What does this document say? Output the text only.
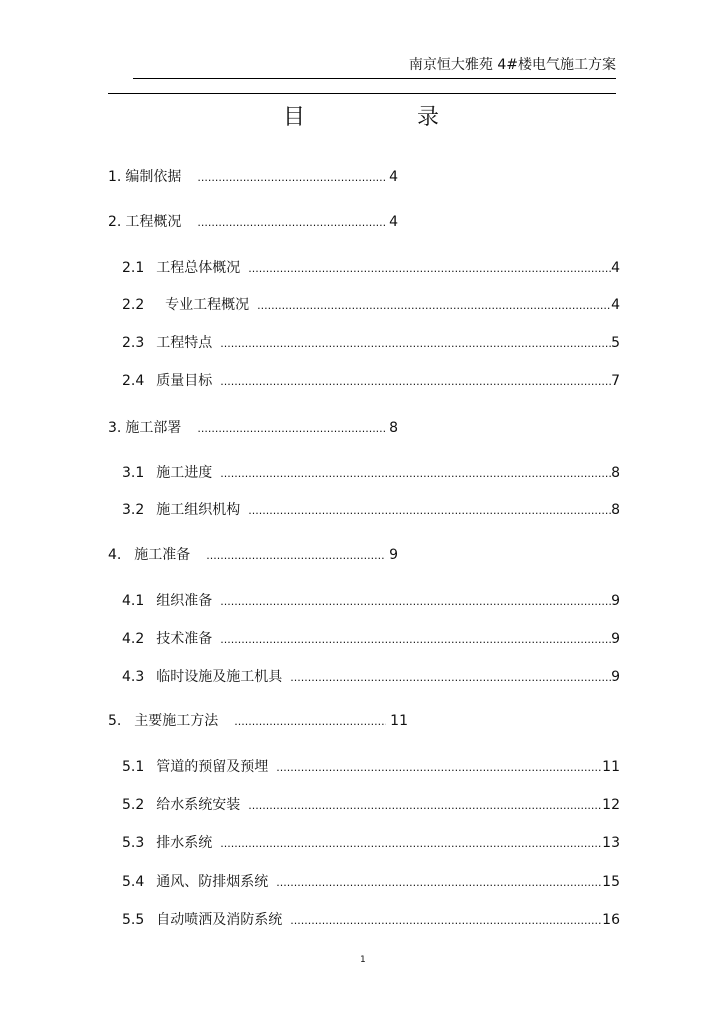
南京恒大雅苑 4#楼电气施工方案
目	录
1. 编制依据 .....	4
2. 工程概况 .....	4
2.1 工程总体概况 .....	4
2.2 专业工程概况 .....	4
2.3 工程特点 .....	5
2.4 质量目标 .....	7
3. 施工部署 .....	8
3.1 施工进度 .....	8
3.2 施工组织机构 .....	8
4. 施工准备 .....	9
4.1 组织准备 .....	9
4.2 技术准备 .....	9
4.3 临时设施及施工机具 .....	9
5. 主要施工方法 .....	11
5.1 管道的预留及预埋 .....	11
5.2 给水系统安装 .....	12
5.3 排水系统 .....	13
5.4 通风、防排烟系统 .....	15
5.5 自动喷洒及消防系统 .....	16
1
